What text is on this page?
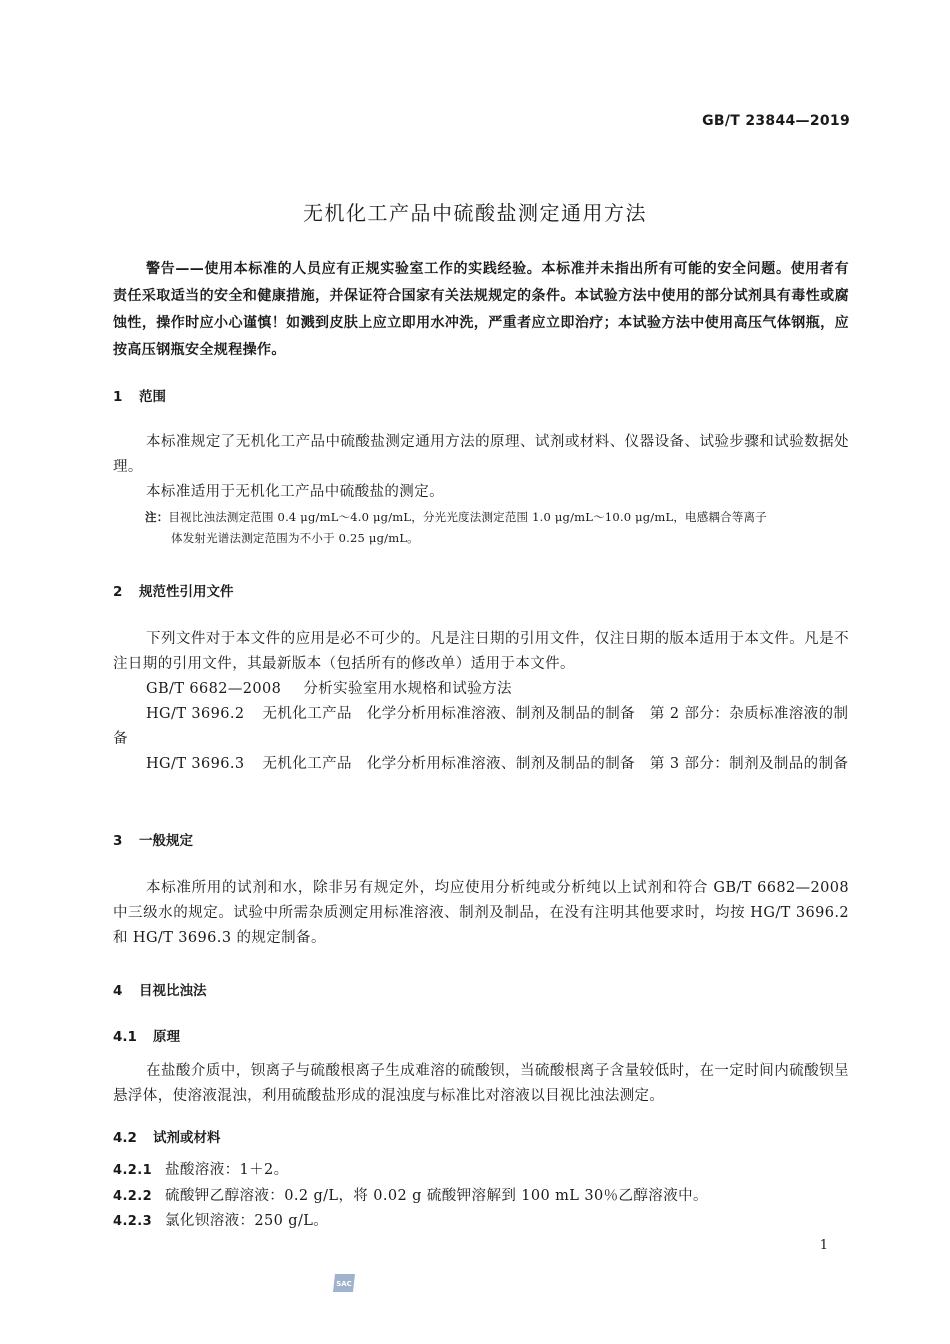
GB/T 23844—2019
无机化工产品中硫酸盐测定通用方法

警告——使用本标准的人员应有正规实验室工作的实践经验。本标准并未指出所有可能的安全问题。使用者有责任采取适当的安全和健康措施，并保证符合国家有关法规规定的条件。本试验方法中使用的部分试剂具有毒性或腐蚀性，操作时应小心谨慎！如溅到皮肤上应立即用水冲洗，严重者应立即治疗；本试验方法中使用高压气体钢瓶，应按高压钢瓶安全规程操作。

1 范围

本标准规定了无机化工产品中硫酸盐测定通用方法的原理、试剂或材料、仪器设备、试验步骤和试验数据处理。

本标准适用于无机化工产品中硫酸盐的测定。

注：目视比浊法测定范围 0.4 μg/mL～4.0 μg/mL，分光光度法测定范围 1.0 μg/mL～10.0 μg/mL，电感耦合等离子
体发射光谱法测定范围为不小于 0.25 μg/mL。
2 规范性引用文件

下列文件对于本文件的应用是必不可少的。凡是注日期的引用文件，仅注日期的版本适用于本文件。凡是不注日期的引用文件，其最新版本（包括所有的修改单）适用于本文件。

GB/T 6682—2008 分析实验室用水规格和试验方法

HG/T 3696.2 无机化工产品　化学分析用标准溶液、制剂及制品的制备　第 2 部分：杂质标准溶液的制备

HG/T 3696.3 无机化工产品　化学分析用标准溶液、制剂及制品的制备　第 3 部分：制剂及制品的制备

3 一般规定

本标准所用的试剂和水，除非另有规定外，均应使用分析纯或分析纯以上试剂和符合 GB/T 6682—2008 中三级水的规定。试验中所需杂质测定用标准溶液、制剂及制品，在没有注明其他要求时，均按 HG/T 3696.2 和 HG/T 3696.3 的规定制备。

4 目视比浊法
4.1 原理

在盐酸介质中，钡离子与硫酸根离子生成难溶的硫酸钡，当硫酸根离子含量较低时，在一定时间内硫酸钡呈悬浮体，使溶液混浊，利用硫酸盐形成的混浊度与标准比对溶液以目视比浊法测定。

4.2 试剂或材料

4.2.1 盐酸溶液：1＋2。

4.2.2 硫酸钾乙醇溶液：0.2 g/L，将 0.02 g 硫酸钾溶解到 100 mL 30％乙醇溶液中。

4.2.3 氯化钡溶液：250 g/L。

1
SAC
